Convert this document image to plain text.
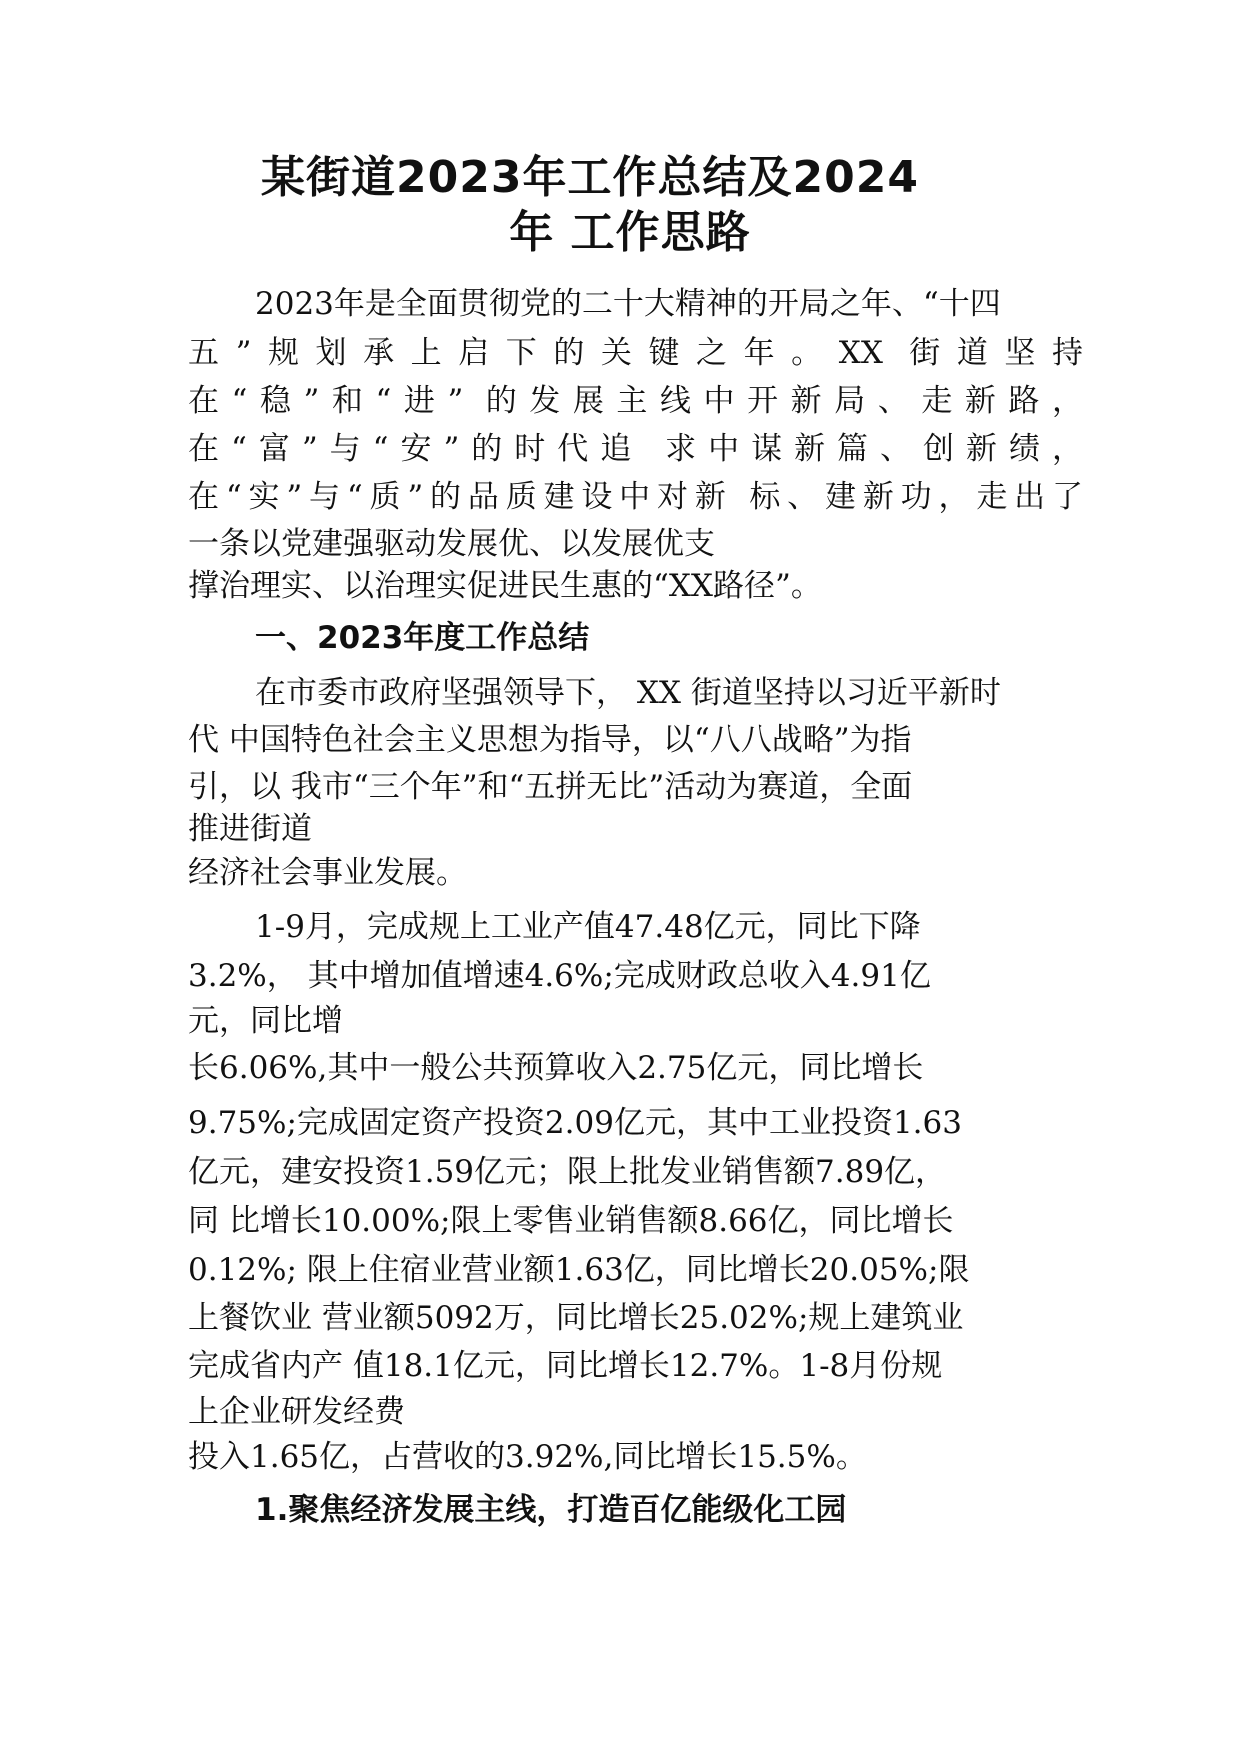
某街道2023年工作总结及2024
年 工作思路
2023年是全面贯彻党的二十大精神的开局之年、“十四
五”规划承上启下的关键之年。XX 街道坚持
在“稳”和“进” 的发展主线中开新局、走新路，
在“富”与“安”的时代追 求中谋新篇、创新绩，
在“实”与“质”的品质建设中对新 标、建新功，走出了
一条以党建强驱动发展优、以发展优支
撑治理实、以治理实促进民生惠的“XX路径”。
一、2023年度工作总结
在市委市政府坚强领导下， XX 街道坚持以习近平新时
代 中国特色社会主义思想为指导，以“八八战略”为指
引，以 我市“三个年”和“五拼无比”活动为赛道，全面
推进街道
经济社会事业发展。
1-9月，完成规上工业产值47.48亿元，同比下降
3.2%， 其中增加值增速4.6%;完成财政总收入4.91亿
元，同比增
长6.06%,其中一般公共预算收入2.75亿元，同比增长
9.75%;完成固定资产投资2.09亿元，其中工业投资1.63
亿元，建安投资1.59亿元；限上批发业销售额7.89亿，
同 比增长10.00%;限上零售业销售额8.66亿，同比增长
0.12%; 限上住宿业营业额1.63亿，同比增长20.05%;限
上餐饮业 营业额5092万，同比增长25.02%;规上建筑业
完成省内产 值18.1亿元，同比增长12.7%。1-8月份规
上企业研发经费
投入1.65亿，占营收的3.92%,同比增长15.5%。
1.聚焦经济发展主线，打造百亿能级化工园
